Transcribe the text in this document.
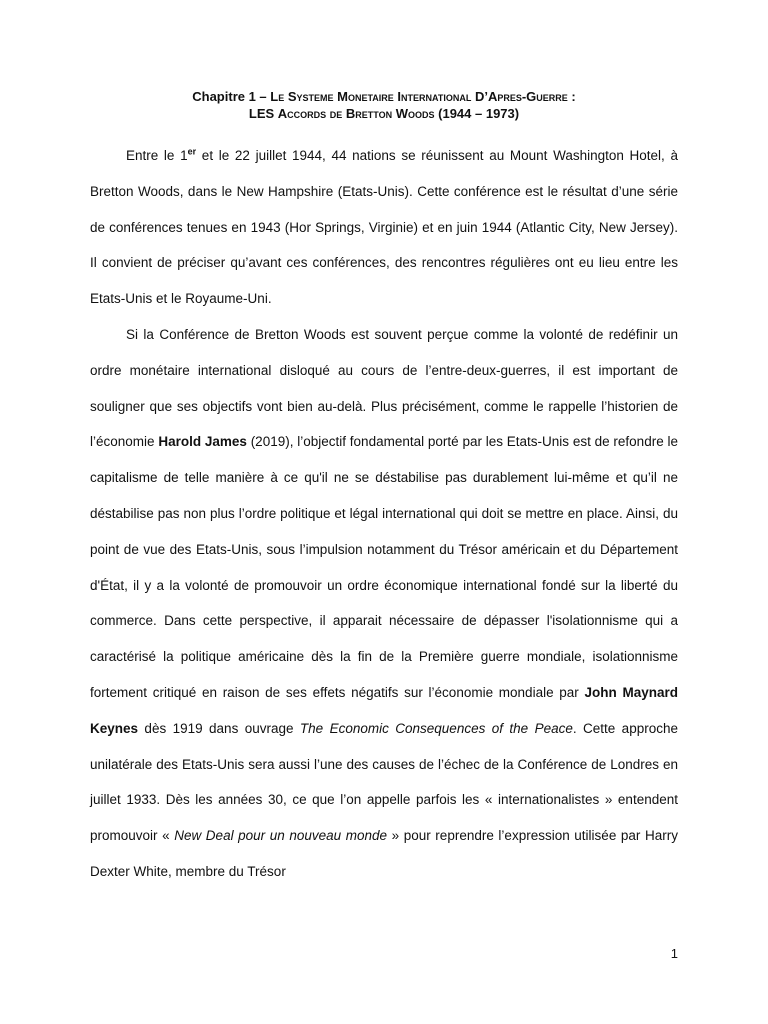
Chapitre 1 – Le Systeme Monetaire International D’Apres-Guerre :
LES Accords de Bretton Woods (1944 – 1973)

Entre le 1er et le 22 juillet 1944, 44 nations se réunissent au Mount Washington Hotel, à Bretton Woods, dans le New Hampshire (Etats-Unis). Cette conférence est le résultat d’une série de conférences tenues en 1943 (Hor Springs, Virginie) et en juin 1944 (Atlantic City, New Jersey). Il convient de préciser qu’avant ces conférences, des rencontres régulières ont eu lieu entre les Etats-Unis et le Royaume-Uni.

Si la Conférence de Bretton Woods est souvent perçue comme la volonté de redéfinir un ordre monétaire international disloqué au cours de l’entre-deux-guerres, il est important de souligner que ses objectifs vont bien au-delà. Plus précisément, comme le rappelle l’historien de l’économie Harold James (2019), l’objectif fondamental porté par les Etats-Unis est de refondre le capitalisme de telle manière à ce qu'il ne se déstabilise pas durablement lui-même et qu’il ne déstabilise pas non plus l’ordre politique et légal international qui doit se mettre en place. Ainsi, du point de vue des Etats-Unis, sous l’impulsion notamment du Trésor américain et du Département d'État, il y a la volonté de promouvoir un ordre économique international fondé sur la liberté du commerce. Dans cette perspective, il apparait nécessaire de dépasser l'isolationnisme qui a caractérisé la politique américaine dès la fin de la Première guerre mondiale, isolationnisme fortement critiqué en raison de ses effets négatifs sur l’économie mondiale par John Maynard Keynes dès 1919 dans ouvrage The Economic Consequences of the Peace. Cette approche unilatérale des Etats-Unis sera aussi l’une des causes de l’échec de la Conférence de Londres en juillet 1933. Dès les années 30, ce que l’on appelle parfois les « internationalistes » entendent promouvoir « New Deal pour un nouveau monde » pour reprendre l’expression utilisée par Harry Dexter White, membre du Trésor

1
